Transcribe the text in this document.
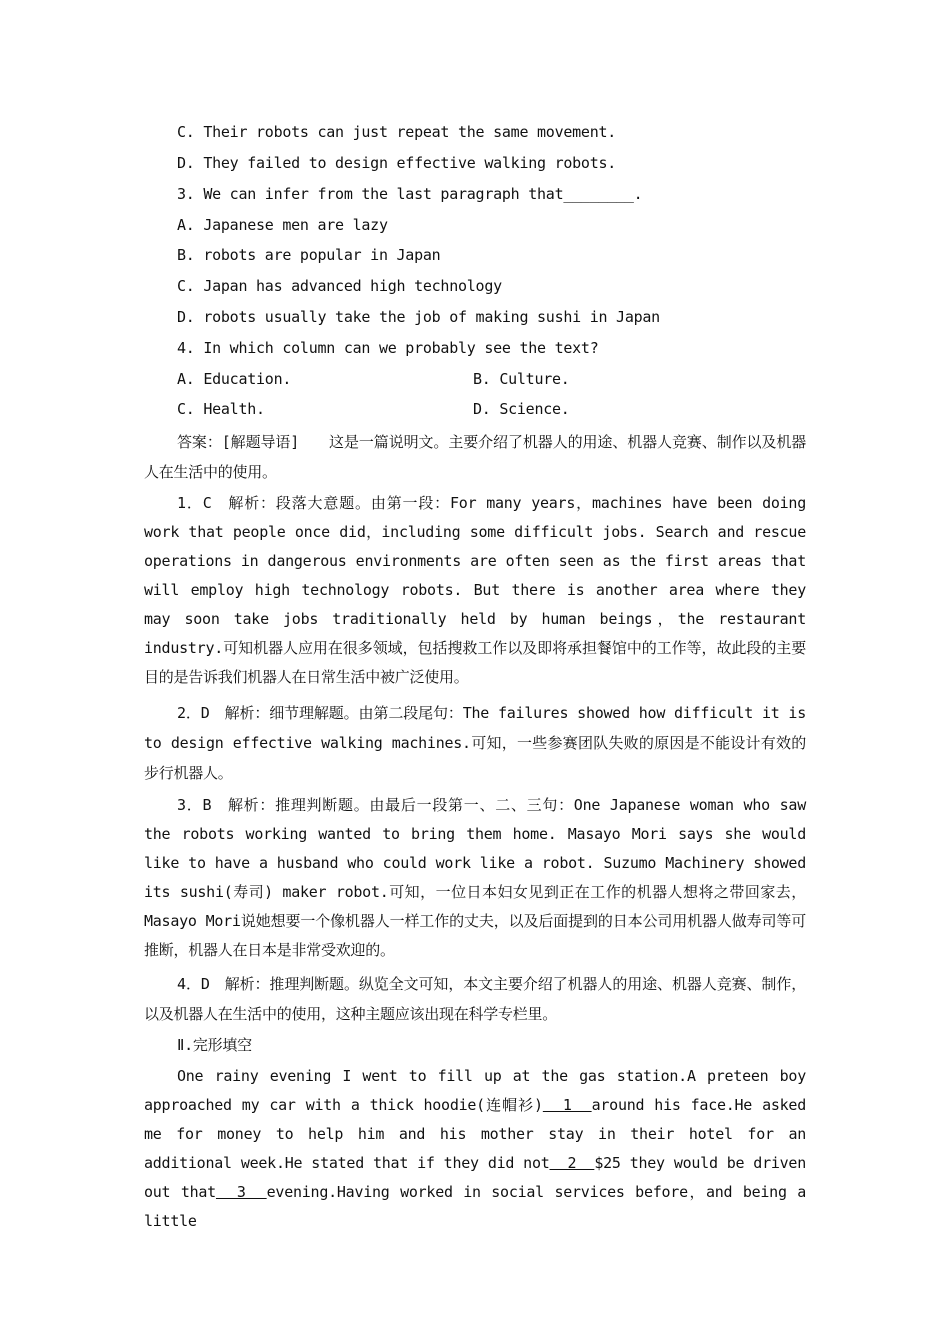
C. Their robots can just repeat the same movement.
D. They failed to design effective walking robots.
3. We can infer from the last paragraph that________.
A. Japanese men are lazy
B. robots are popular in Japan
C. Japan has advanced high technology
D. robots usually take the job of making sushi in Japan
4. In which column can we probably see the text?
A. Education.	B. Culture.
C. Health.	D. Science.
答案：[解题导语]　　这是一篇说明文。主要介绍了机器人的用途、机器人竞赛、制作以及机器人在生活中的使用。
1．C　解析：段落大意题。由第一段：For many years，machines have been doing work that people once did，including some difficult jobs. Search and rescue operations in dangerous environments are often seen as the first areas that will employ high technology robots. But there is another area where they may soon take jobs traditionally held by human beings，the restaurant industry.可知机器人应用在很多领域，包括搜救工作以及即将承担餐馆中的工作等，故此段的主要目的是告诉我们机器人在日常生活中被广泛使用。
2．D　解析：细节理解题。由第二段尾句：The failures showed how difficult it is to design effective walking machines.可知，一些参赛团队失败的原因是不能设计有效的步行机器人。
3．B　解析：推理判断题。由最后一段第一、二、三句：One Japanese woman who saw the robots working wanted to bring them home. Masayo Mori says she would like to have a husband who could work like a robot. Suzumo Machinery showed its sushi(寿司) maker robot.可知，一位日本妇女见到正在工作的机器人想将之带回家去，Masayo Mori说她想要一个像机器人一样工作的丈夫，以及后面提到的日本公司用机器人做寿司等可推断，机器人在日本是非常受欢迎的。
4．D　解析：推理判断题。纵览全文可知，本文主要介绍了机器人的用途、机器人竞赛、制作，以及机器人在生活中的使用，这种主题应该出现在科学专栏里。
Ⅱ.完形填空
One rainy evening I went to fill up at the gas station.A preteen boy approached my car with a thick hoodie(连帽衫)  1  around his face.He asked me for money to help him and his mother stay in their hotel for an additional week.He stated that if they did not  2  $25 they would be driven out that  3  evening.Having worked in social services before，and being a little
